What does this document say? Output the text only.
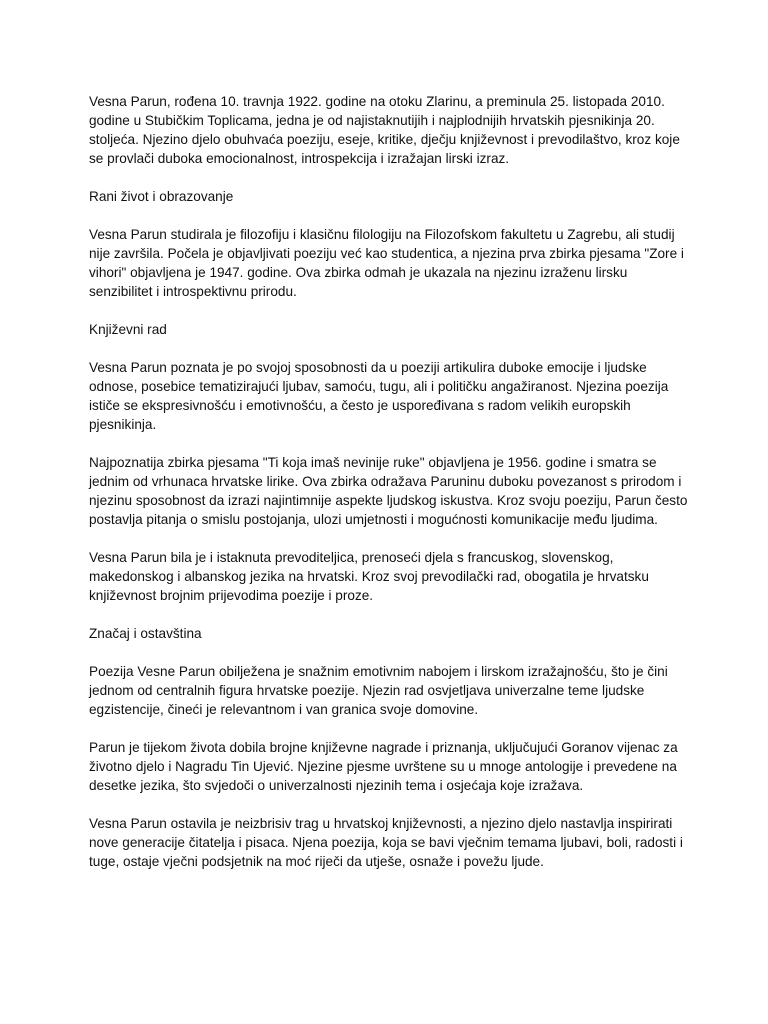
Vesna Parun, rođena 10. travnja 1922. godine na otoku Zlarinu, a preminula 25. listopada 2010. godine u Stubičkim Toplicama, jedna je od najistaknutijih i najplodnijih hrvatskih pjesnikinja 20. stoljeća. Njezino djelo obuhvaća poeziju, eseje, kritike, dječju književnost i prevodilaštvo, kroz koje se provlači duboka emocionalnost, introspekcija i izražajan lirski izraz.

Rani život i obrazovanje

Vesna Parun studirala je filozofiju i klasičnu filologiju na Filozofskom fakultetu u Zagrebu, ali studij nije završila. Počela je objavljivati poeziju već kao studentica, a njezina prva zbirka pjesama "Zore i vihori" objavljena je 1947. godine. Ova zbirka odmah je ukazala na njezinu izraženu lirsku senzibilitet i introspektivnu prirodu.

Književni rad

Vesna Parun poznata je po svojoj sposobnosti da u poeziji artikulira duboke emocije i ljudske odnose, posebice tematizirajući ljubav, samoću, tugu, ali i političku angažiranost. Njezina poezija ističe se ekspresivnošću i emotivnošću, a često je uspoređivana s radom velikih europskih pjesnikinja.

Najpoznatija zbirka pjesama "Ti koja imaš nevinije ruke" objavljena je 1956. godine i smatra se jednim od vrhunaca hrvatske lirike. Ova zbirka odražava Paruninu duboku povezanost s prirodom i njezinu sposobnost da izrazi najintimnije aspekte ljudskog iskustva. Kroz svoju poeziju, Parun često postavlja pitanja o smislu postojanja, ulozi umjetnosti i mogućnosti komunikacije među ljudima.

Vesna Parun bila je i istaknuta prevoditeljica, prenoseći djela s francuskog, slovenskog, makedonskog i albanskog jezika na hrvatski. Kroz svoj prevodilački rad, obogatila je hrvatsku književnost brojnim prijevodima poezije i proze.

Značaj i ostavština

Poezija Vesne Parun obilježena je snažnim emotivnim nabojem i lirskom izražajnošću, što je čini jednom od centralnih figura hrvatske poezije. Njezin rad osvjetljava univerzalne teme ljudske egzistencije, čineći je relevantnom i van granica svoje domovine.

Parun je tijekom života dobila brojne književne nagrade i priznanja, uključujući Goranov vijenac za životno djelo i Nagradu Tin Ujević. Njezine pjesme uvrštene su u mnoge antologije i prevedene na desetke jezika, što svjedoči o univerzalnosti njezinih tema i osjećaja koje izražava.

Vesna Parun ostavila je neizbrisiv trag u hrvatskoj književnosti, a njezino djelo nastavlja inspirirati nove generacije čitatelja i pisaca. Njena poezija, koja se bavi vječnim temama ljubavi, boli, radosti i tuge, ostaje vječni podsjetnik na moć riječi da utješe, osnaže i povežu ljude.
